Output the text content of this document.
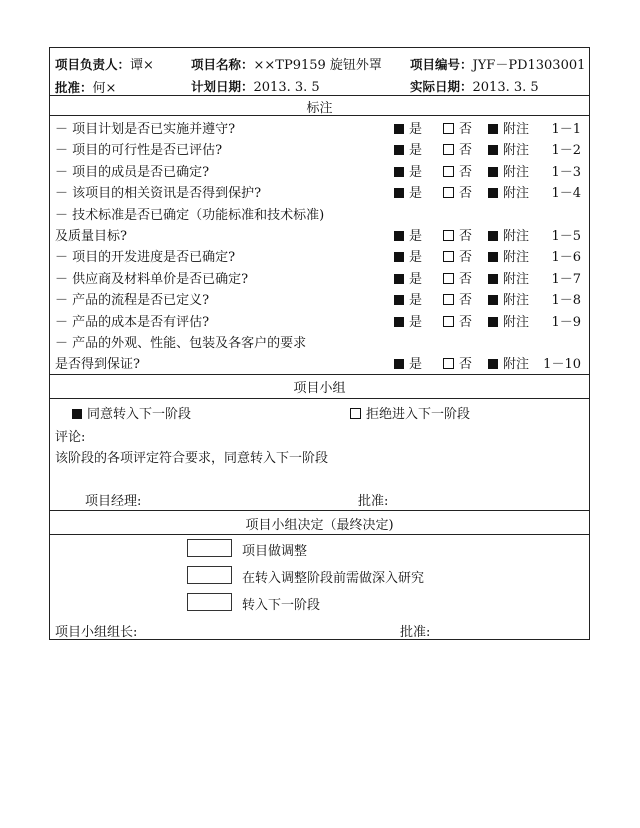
项目负责人：谭×	项目名称：××TP9159 旋钮外罩 项目编号：JYF－PD1303001
批准：何×	计划日期：2013. 3. 5	实际日期：2013. 3. 5
标注
－ 项目计划是否已实施并遵守?	是	否	附注 1－1
－ 项目的可行性是否已评估?	是	否	附注 1－2
－ 项目的成员是否已确定?	是	否	附注 1－3
－ 该项目的相关资讯是否得到保护?	是	否	附注 1－4
－ 技术标准是否已确定（功能标准和技术标准)
及质量目标?	是	否	附注 1－5
－ 项目的开发进度是否已确定?	是	否	附注 1－6
－ 供应商及材料单价是否已确定?	是	否	附注 1－7
－ 产品的流程是否已定义?	是	否	附注 1－8
－ 产品的成本是否有评估?	是	否	附注 1－9
－ 产品的外观、性能、包装及各客户的要求
是否得到保证?	是	否	附注 1－10
项目小组
同意转入下一阶段	拒绝进入下一阶段
评论:
该阶段的各项评定符合要求，同意转入下一阶段
项目经理:	批准:
项目小组决定（最终决定)
项目做调整
在转入调整阶段前需做深入研究
转入下一阶段
项目小组组长:	批准:
